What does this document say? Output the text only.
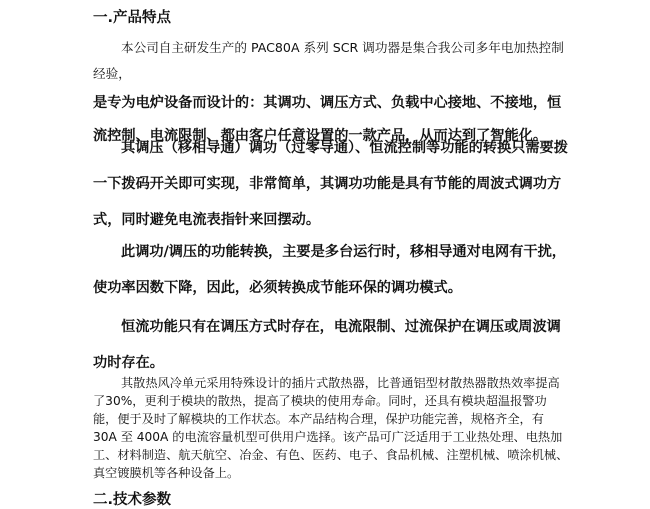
一.产品特点

本公司自主研发生产的 PAC80A 系列 SCR 调功器是集合我公司多年电加热控制经验，
是专为电炉设备而设计的：其调功、调压方式、负载中心接地、不接地，恒流控制、电流限制、都由客户任意设置的一款产品，从而达到了智能化。

其调压（移相导通）调功（过零导通）、恒流控制等功能的转换只需要拨一下拨码开关即可实现，非常简单，其调功功能是具有节能的周波式调功方式，同时避免电流表指针来回摆动。

此调功/调压的功能转换，主要是多台运行时，移相导通对电网有干扰，使功率因数下降，因此，必须转换成节能环保的调功模式。

恒流功能只有在调压方式时存在，电流限制、过流保护在调压或周波调功时存在。

其散热风冷单元采用特殊设计的插片式散热器，比普通铝型材散热器散热效率提高了30%，更利于模块的散热，提高了模块的使用寿命。同时，还具有模块超温报警功能，便于及时了解模块的工作状态。本产品结构合理，保护功能完善，规格齐全，有 30A 至 400A 的电流容量机型可供用户选择。该产品可广泛适用于工业热处理、电热加工、材料制造、航天航空、冶金、有色、医药、电子、食品机械、注塑机械、喷涂机械、真空镀膜机等各种设备上。

二.技术参数
